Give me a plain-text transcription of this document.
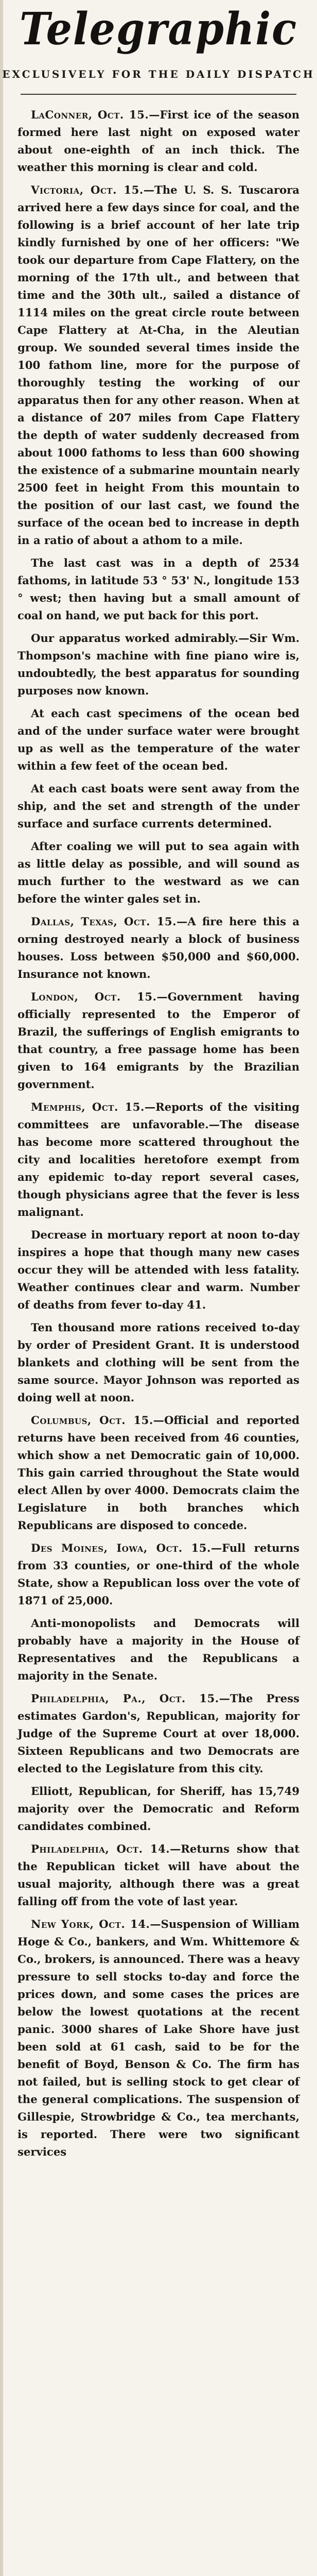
Telegraphic
EXCLUSIVELY FOR THE DAILY DISPATCH

LaConner, Oct. 15.—First ice of the season formed here last night on exposed water about one-eighth of an inch thick. The weather this morning is clear and cold.

Victoria, Oct. 15.—The U. S. S. Tuscarora arrived here a few days since for coal, and the following is a brief account of her late trip kindly furnished by one of her officers: "We took our departure from Cape Flattery, on the morning of the 17th ult., and between that time and the 30th ult., sailed a distance of 1114 miles on the great circle route between Cape Flattery at At-Cha, in the Aleutian group. We sounded several times inside the 100 fathom line, more for the purpose of thoroughly testing the working of our apparatus then for any other reason. When at a distance of 207 miles from Cape Flattery the depth of water suddenly decreased from about 1000 fathoms to less than 600 showing the existence of a submarine mountain nearly 2500 feet in height From this mountain to the position of our last cast, we found the surface of the ocean bed to increase in depth in a ratio of about a athom to a mile.

The last cast was in a depth of 2534 fathoms, in latitude 53 ° 53' N., longitude 153 ° west; then having but a small amount of coal on hand, we put back for this port.

Our apparatus worked admirably.—Sir Wm. Thompson's machine with fine piano wire is, undoubtedly, the best apparatus for sounding purposes now known.

At each cast specimens of the ocean bed and of the under surface water were brought up as well as the temperature of the water within a few feet of the ocean bed.

At each cast boats were sent away from the ship, and the set and strength of the under surface and surface currents determined.

After coaling we will put to sea again with as little delay as possible, and will sound as much further to the westward as we can before the winter gales set in.

Dallas, Texas, Oct. 15.—A fire here this a orning destroyed nearly a block of business houses. Loss between $50,000 and $60,000. Insurance not known.

London, Oct. 15.—Government having officially represented to the Emperor of Brazil, the sufferings of English emigrants to that country, a free passage home has been given to 164 emigrants by the Brazilian government.

Memphis, Oct. 15.—Reports of the visiting committees are unfavorable.—The disease has become more scattered throughout the city and localities heretofore exempt from any epidemic to-day report several cases, though physicians agree that the fever is less malignant.

Decrease in mortuary report at noon to-day inspires a hope that though many new cases occur they will be attended with less fatality. Weather continues clear and warm. Number of deaths from fever to-day 41.

Ten thousand more rations received to-day by order of President Grant. It is understood blankets and clothing will be sent from the same source. Mayor Johnson was reported as doing well at noon.

Columbus, Oct. 15.—Official and reported returns have been received from 46 counties, which show a net Democratic gain of 10,000. This gain carried throughout the State would elect Allen by over 4000. Democrats claim the Legislature in both branches which Republicans are disposed to concede.

Des Moines, Iowa, Oct. 15.—Full returns from 33 counties, or one-third of the whole State, show a Republican loss over the vote of 1871 of 25,000.

Anti-monopolists and Democrats will probably have a majority in the House of Representatives and the Republicans a majority in the Senate.

Philadelphia, Pa., Oct. 15.—The Press estimates Gardon's, Republican, majority for Judge of the Supreme Court at over 18,000. Sixteen Republicans and two Democrats are elected to the Legislature from this city.

Elliott, Republican, for Sheriff, has 15,749 majority over the Democratic and Reform candidates combined.

Philadelphia, Oct. 14.—Returns show that the Republican ticket will have about the usual majority, although there was a great falling off from the vote of last year.

New York, Oct. 14.—Suspension of William Hoge & Co., bankers, and Wm. Whittemore & Co., brokers, is announced. There was a heavy pressure to sell stocks to-day and force the prices down, and some cases the prices are below the lowest quotations at the recent panic. 3000 shares of Lake Shore have just been sold at 61 cash, said to be for the benefit of Boyd, Benson & Co. The firm has not failed, but is selling stock to get clear of the general complications. The suspension of Gillespie, Strowbridge & Co., tea merchants, is reported. There were two significant services
